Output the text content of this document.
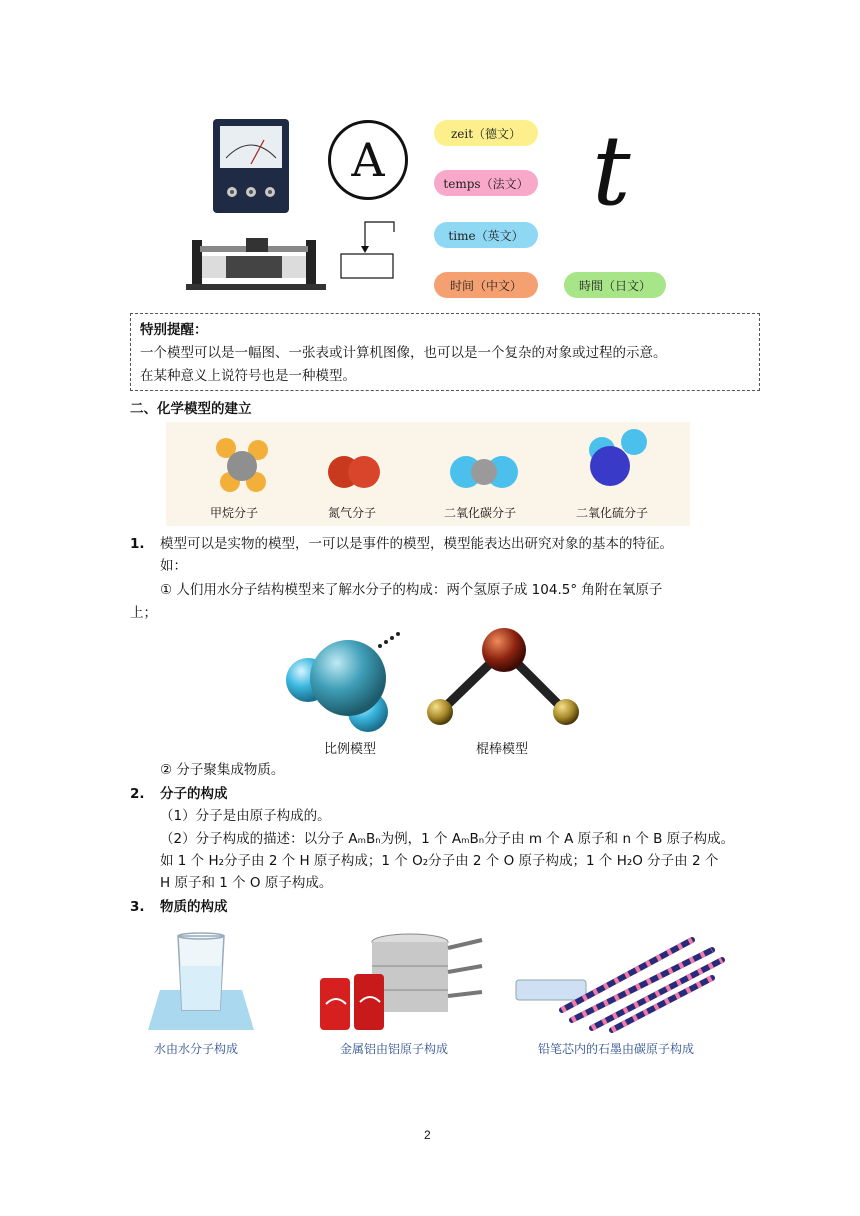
A	zeit（德文）
temps（法文）
time（英文）
时间（中文）	時間（日文）
t
特别提醒：
一个模型可以是一幅图、一张表或计算机图像，也可以是一个复杂的对象或过程的示意。
在某种意义上说符号也是一种模型。
二、化学模型的建立
甲烷分子	氮气分子	二氧化碳分子	二氧化硫分子
1. 模型可以是实物的模型，一可以是事件的模型，模型能表达出研究对象的基本的特征。
如：
① 人们用水分子结构模型来了解水分子的构成：两个氢原子成 104.5° 角附在氧原子
上；
比例模型	棍棒模型
② 分子聚集成物质。
2. 分子的构成
（1）分子是由原子构成的。
（2）分子构成的描述：以分子 AₘBₙ为例，1 个 AₘBₙ分子由 m 个 A 原子和 n 个 B 原子构成。
如 1 个 H₂分子由 2 个 H 原子构成；1 个 O₂分子由 2 个 O 原子构成；1 个 H₂O 分子由 2 个
H 原子和 1 个 O 原子构成。
3. 物质的构成
水由水分子构成	金属铝由铝原子构成	铅笔芯内的石墨由碳原子构成
2
